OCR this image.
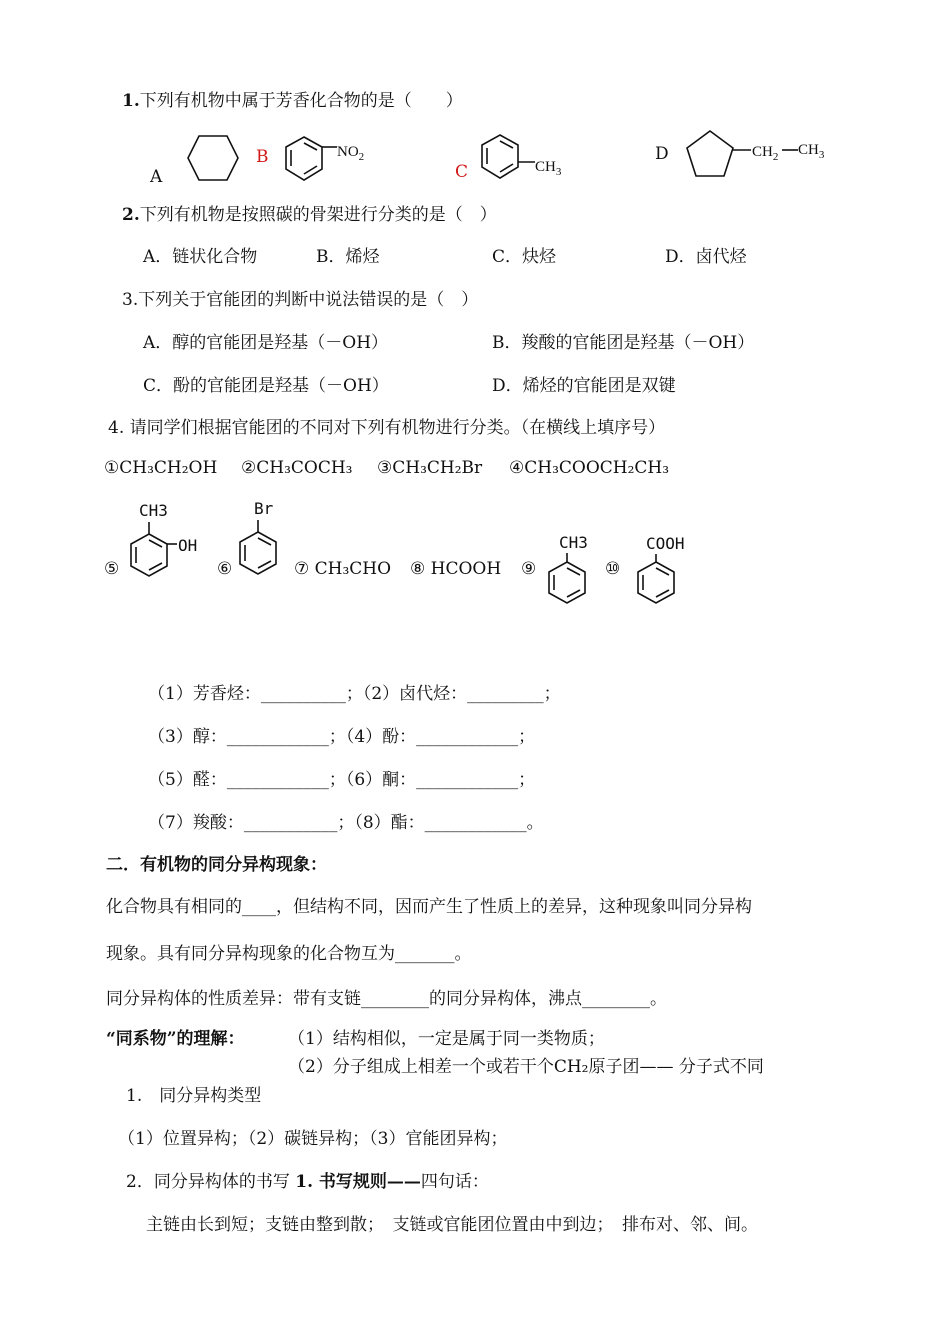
1.下列有机物中属于芳香化合物的是（　　）
A
B	$NO_2$
C	$CH_3$
D	$CH_2$ $CH_3$
2.下列有机物是按照碳的骨架进行分类的是（　）
A．链状化合物	B．烯烃	C．炔烃	D．卤代烃
3.下列关于官能团的判断中说法错误的是（　）
A．醇的官能团是羟基（－OH）	B．羧酸的官能团是羟基（－OH）
C．酚的官能团是羟基（－OH）	D．烯烃的官能团是双键
4. 请同学们根据官能团的不同对下列有机物进行分类。（在横线上填序号）
①CH₃CH₂OH ②CH₃COCH₃ ③CH₃CH₂Br ④CH₃COOCH₂CH₃
⑤
CH3
OH
⑥
Br
⑦ CH₃CHO ⑧ HCOOH ⑨
CH3
⑩
COOH
（1）芳香烃：__________；（2）卤代烃：_________；
（3）醇：____________；（4）酚：____________；
（5）醛：____________；（6）酮：____________；
（7）羧酸：___________；（8）酯：____________。
二．有机物的同分异构现象：
化合物具有相同的____，但结构不同，因而产生了性质上的差异，这种现象叫同分异构
现象。具有同分异构现象的化合物互为_______。
同分异构体的性质差异：带有支链________的同分异构体，沸点________。
“同系物”的理解：	（1）结构相似，一定是属于同一类物质；
（2）分子组成上相差一个或若干个CH₂原子团—— 分子式不同
1.　同分异构类型
（1）位置异构；（2）碳链异构；（3）官能团异构；
2．同分异构体的书写 1. 书写规则——四句话：
主链由长到短；支链由整到散；　支链或官能团位置由中到边；　排布对、邻、间。
